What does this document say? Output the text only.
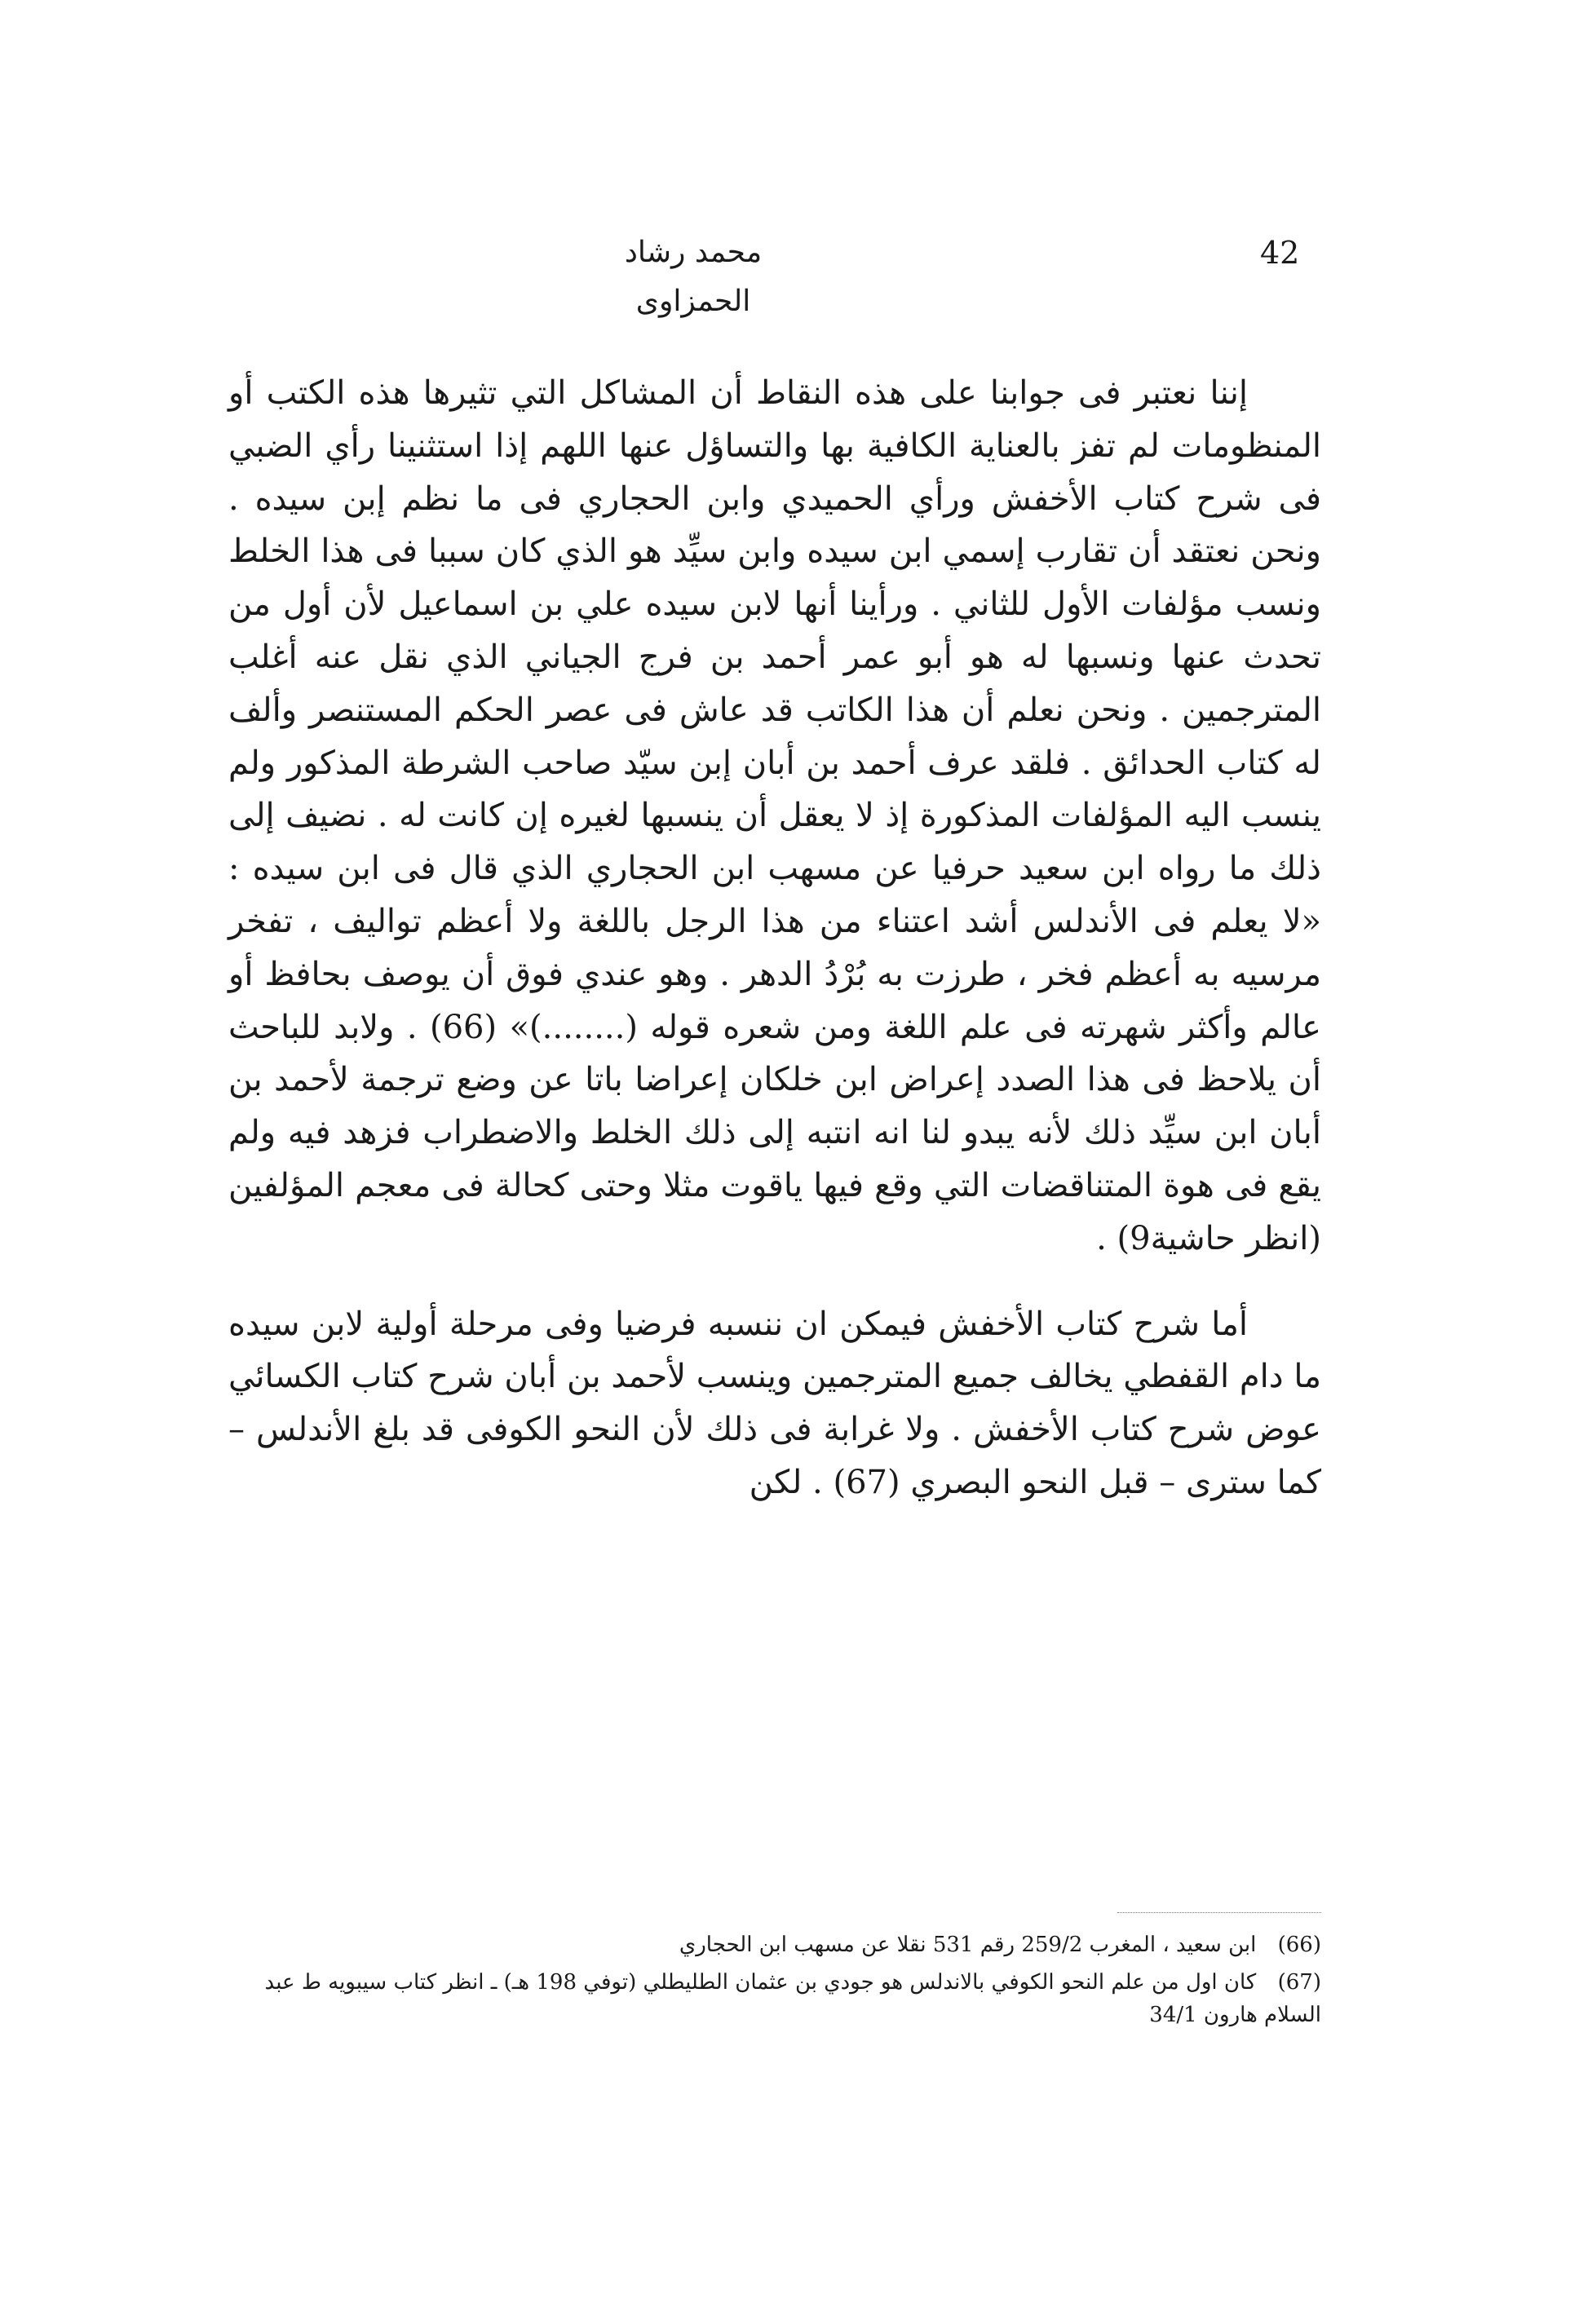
42
محمد رشاد الحمزاوى

إننا نعتبر فى جوابنا على هذه النقاط أن المشاكل التي تثيرها هذه الكتب أو المنظومات لم تفز بالعناية الكافية بها والتساؤل عنها اللهم إذا استثنينا رأي الضبي فى شرح كتاب الأخفش ورأي الحميدي وابن الحجاري فى ما نظم إبن سيده . ونحن نعتقد أن تقارب إسمي ابن سيده وابن سيِّد هو الذي كان سببا فى هذا الخلط ونسب مؤلفات الأول للثاني . ورأينا أنها لابن سيده علي بن اسماعيل لأن أول من تحدث عنها ونسبها له هو أبو عمر أحمد بن فرج الجياني الذي نقل عنه أغلب المترجمين . ونحن نعلم أن هذا الكاتب قد عاش فى عصر الحكم المستنصر وألف له كتاب الحدائق . فلقد عرف أحمد بن أبان إبن سيّد صاحب الشرطة المذكور ولم ينسب اليه المؤلفات المذكورة إذ لا يعقل أن ينسبها لغيره إن كانت له . نضيف إلى ذلك ما رواه ابن سعيد حرفيا عن مسهب ابن الحجاري الذي قال فى ابن سيده : «لا يعلم فى الأندلس أشد اعتناء من هذا الرجل باللغة ولا أعظم تواليف ، تفخر مرسيه به أعظم فخر ، طرزت به بُرْدُ الدهر . وهو عندي فوق أن يوصف بحافظ أو عالم وأكثر شهرته فى علم اللغة ومن شعره قوله (........)» (66) . ولابد للباحث أن يلاحظ فى هذا الصدد إعراض ابن خلكان إعراضا باتا عن وضع ترجمة لأحمد بن أبان ابن سيِّد ذلك لأنه يبدو لنا انه انتبه إلى ذلك الخلط والاضطراب فزهد فيه ولم يقع فى هوة المتناقضات التي وقع فيها ياقوت مثلا وحتى كحالة فى معجم المؤلفين (انظر حاشية9) .

أما شرح كتاب الأخفش فيمكن ان ننسبه فرضيا وفى مرحلة أولية لابن سيده ما دام القفطي يخالف جميع المترجمين وينسب لأحمد بن أبان شرح كتاب الكسائي عوض شرح كتاب الأخفش . ولا غرابة فى ذلك لأن النحو الكوفى قد بلغ الأندلس – كما سترى – قبل النحو البصري (67) . لكن

(66) ابن سعيد ، المغرب 259/2 رقم 531 نقلا عن مسهب ابن الحجاري

(67) كان اول من علم النحو الكوفي بالاندلس هو جودي بن عثمان الطليطلي (توفي 198 هـ) ـ انظر كتاب سيبويه ط عبد السلام هارون 34/1
